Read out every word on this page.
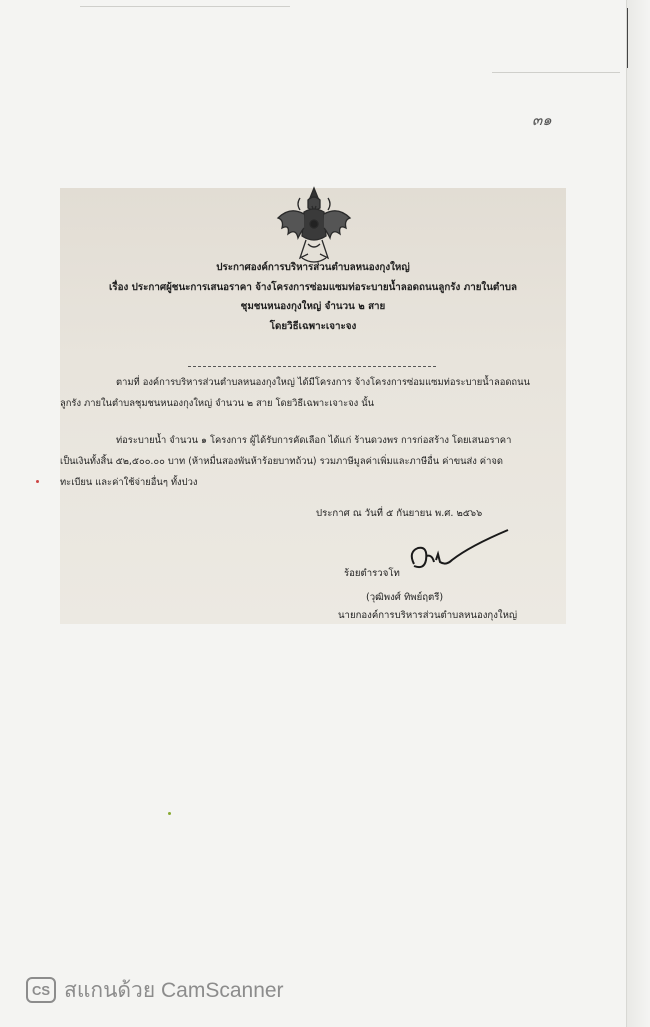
๓๑
ประกาศองค์การบริหารส่วนตำบลหนองกุงใหญ่
เรื่อง ประกาศผู้ชนะการเสนอราคา จ้างโครงการซ่อมแซมท่อระบายน้ำลอดถนนลูกรัง ภายในตำบล
ชุมชนหนองกุงใหญ่ จำนวน ๒ สาย
โดยวิธีเฉพาะเจาะจง
ตามที่ องค์การบริหารส่วนตำบลหนองกุงใหญ่ ได้มีโครงการ จ้างโครงการซ่อมแซมท่อระบายน้ำลอดถนน
ลูกรัง ภายในตำบลชุมชนหนองกุงใหญ่ จำนวน ๒ สาย โดยวิธีเฉพาะเจาะจง นั้น
ท่อระบายน้ำ จำนวน ๑ โครงการ ผู้ได้รับการคัดเลือก ได้แก่ ร้านดวงพร การก่อสร้าง โดยเสนอราคา
เป็นเงินทั้งสิ้น ๕๒,๕๐๐.๐๐ บาท (ห้าหมื่นสองพันห้าร้อยบาทถ้วน) รวมภาษีมูลค่าเพิ่มและภาษีอื่น ค่าขนส่ง ค่าจด
ทะเบียน และค่าใช้จ่ายอื่นๆ ทั้งปวง
ประกาศ ณ วันที่ ๕ กันยายน พ.ศ. ๒๕๖๖
ร้อยตำรวจโท
(วุฒิพงศ์ ทิพย์ฤตรี)
นายกองค์การบริหารส่วนตำบลหนองกุงใหญ่
CS สแกนด้วย CamScanner
